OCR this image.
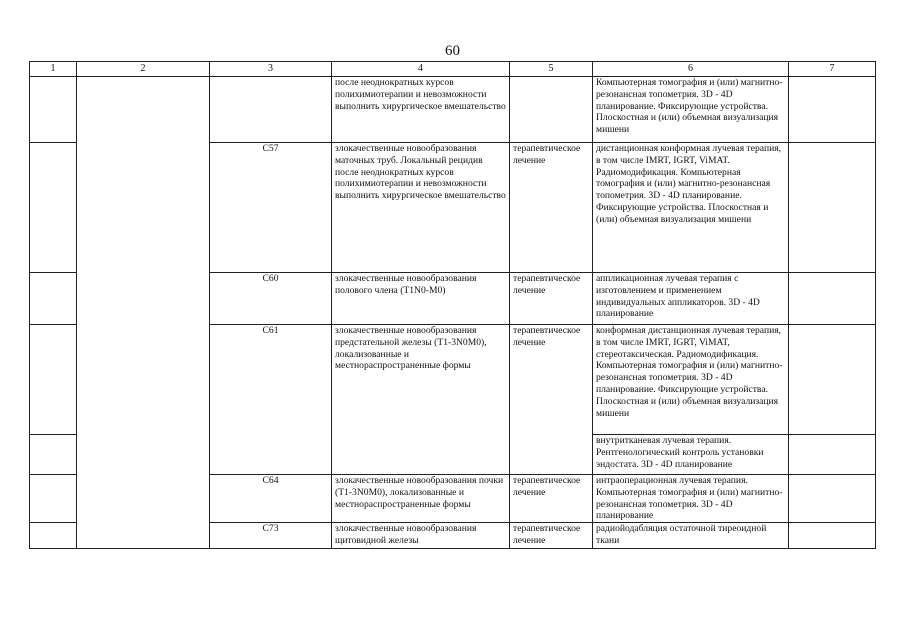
60
1	2	3	4	5	6	7
			после неоднократных курсов полихимиотерапии и невозможности выполнить хирургическое вмешательство		Компьютерная томография и (или) магнитно-резонансная топометрия. 3D - 4D планирование. Фиксирующие устройства. Плоскостная и (или) объемная визуализация мишени	
		C57	злокачественные новообразования маточных труб. Локальный рецидив после неоднократных курсов полихимиотерапии и невозможности выполнить хирургическое вмешательство	терапевтическое лечение	дистанционная конформная лучевая терапия, в том числе IMRT, IGRT, ViMAT. Радиомодификация. Компьютерная томография и (или) магнитно-резонансная топометрия. 3D - 4D планирование. Фиксирующие устройства. Плоскостная и (или) объемная визуализация мишени	
		C60	злокачественные новообразования полового члена (T1N0-M0)	терапевтическое лечение	аппликационная лучевая терапия с изготовлением и применением индивидуальных аппликаторов. 3D - 4D планирование	
		C61	злокачественные новообразования предстательной железы (T1-3N0M0), локализованные и местнораспространенные формы	терапевтическое лечение	конформная дистанционная лучевая терапия, в том числе IMRT, IGRT, ViMAT, стереотаксическая. Радиомодификация. Компьютерная томография и (или) магнитно-резонансная топометрия. 3D - 4D планирование. Фиксирующие устройства. Плоскостная и (или) объемная визуализация мишени	
					внутритканевая лучевая терапия. Рентгенологический контроль установки эндостата. 3D - 4D планирование	
		C64	злокачественные новообразования почки (T1-3N0M0), локализованные и местнораспространенные формы	терапевтическое лечение	интраоперационная лучевая терапия. Компьютерная томография и (или) магнитно-резонансная топометрия. 3D - 4D планирование	
		C73	злокачественные новообразования щитовидной железы	терапевтическое лечение	радиойодабляция остаточной тиреоидной ткани	
